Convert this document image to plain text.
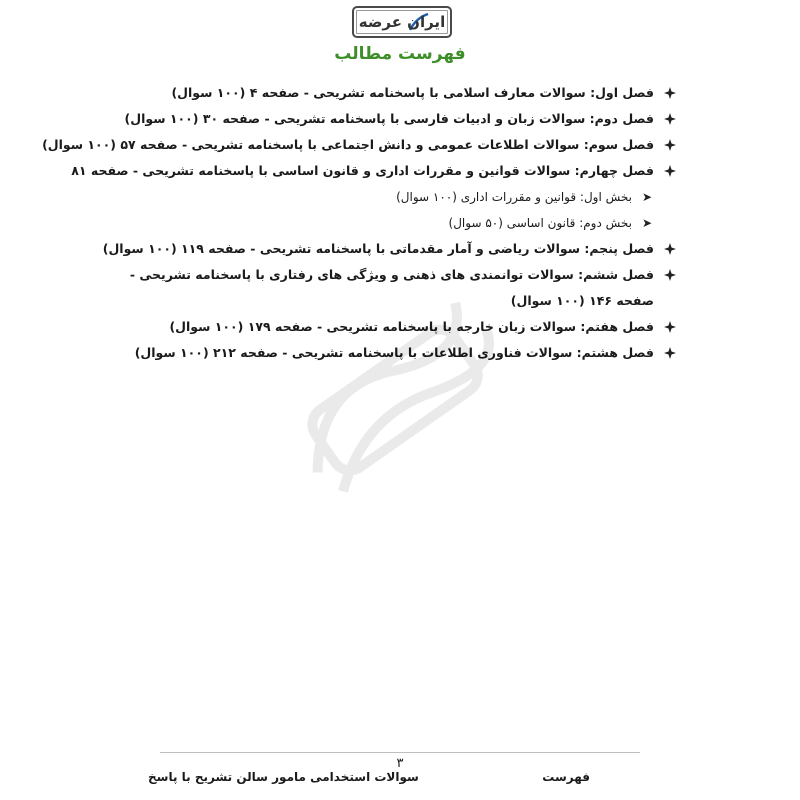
ایران عرضه
فهرست مطالب
فصل اول: سوالات معارف اسلامی با پاسخنامه تشریحی - صفحه ۴ (۱۰۰ سوال)
فصل دوم: سوالات زبان و ادبیات فارسی با پاسخنامه تشریحی - صفحه ۳۰ (۱۰۰ سوال)
فصل سوم: سوالات اطلاعات عمومی و دانش اجتماعی با پاسخنامه تشریحی - صفحه ۵۷ (۱۰۰ سوال)
فصل چهارم: سوالات قوانین و مقررات اداری و قانون اساسی با پاسخنامه تشریحی - صفحه ۸۱
➤
بخش اول: قوانین و مقررات اداری (۱۰۰ سوال)
➤
بخش دوم: قانون اساسی (۵۰ سوال)
فصل پنجم: سوالات ریاضی و آمار مقدماتی با پاسخنامه تشریحی - صفحه ۱۱۹ (۱۰۰ سوال)
فصل ششم: سوالات توانمندی های ذهنی و ویژگی های رفتاری با پاسخنامه تشریحی - صفحه ۱۴۶ (۱۰۰ سوال)
فصل هفتم: سوالات زبان خارجه با پاسخنامه تشریحی - صفحه ۱۷۹ (۱۰۰ سوال)
فصل هشتم: سوالات فناوری اطلاعات با پاسخنامه تشریحی - صفحه ۲۱۲ (۱۰۰ سوال)
۳
فهرست
سوالات استخدامی مامور سالن تشریح با پاسخ
